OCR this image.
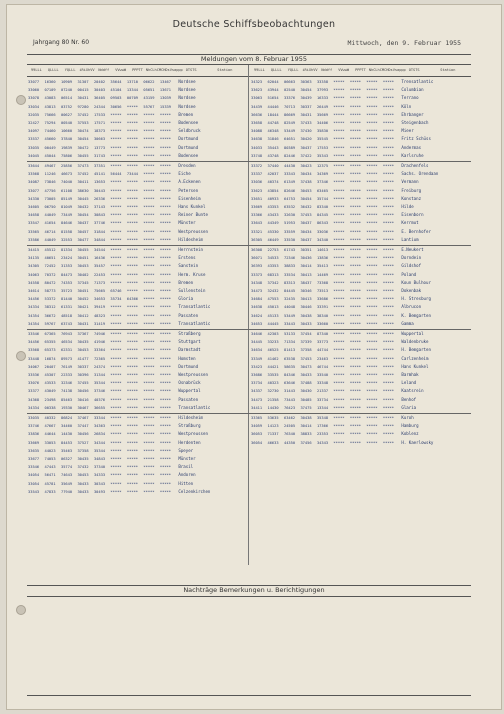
Deutsche Schiffsbeobachtungen
Jahrgang 80 Nr. 60	Mittwoch, den 9. Februar 1955
Meldungen vom 8. Februar 1955
99LLL	QLLLL	YQLLL	iRiXhVV	Nddff	VVwwW	PPPTT NhCLhCMCH DsVsappp OTSTS	Station	99LLL	QLLLL	YQLLL	iRiXhVV	Nddff	VVwwW	PPPTT NhCLhCMCH DsVsappp OTSTS	Station
33077	16360	10909	31307	20402	35644	13710	06622	13467	Nordsee
33060	07109	07240	00415	30403	45104	13344	05651	13671	Nordsee
33078	43083	06514	30431	36405	09503	00709	43159	13039	Nordsee
33034	43813	03752	97280	24344	30656	*****	55767	15339	Nordsee
32035	75666	00627	37452	17533	*****	*****	*****	*****	Bremen
32427	75294	00540	37553	17571	*****	*****	*****	*****	Bodensee
34097	74460	10660	30474	18373	*****	*****	*****	*****	Seldbruck
33537	45660	37840	30454	30663	*****	*****	*****	*****	Dortmund
33035	00449	19839	30472	13773	*****	*****	*****	*****	Dortmund
34045	45044	75806	30455	31743	*****	*****	*****	*****	Bodensee
33644	49467	25856	37473	37351	*****	*****	*****	*****	Dresden
33568	11246	46673	37452	45141	56444	73444	*****	*****	Eiche
34087	73846	74040	30411	13653	*****	*****	*****	*****	A.Eckenen
33077	47756	61108	38630	30443	*****	*****	*****	*****	Petersen
34330	73005	85149	30445	26336	*****	*****	*****	*****	Eisenheim
34605	06750	81049	30432	37143	*****	*****	*****	*****	Hans Kunkel
34658	44049	73449	30454	30843	*****	*****	*****	*****	Reiner Bunte
33547	41654	84646	30437	37746	*****	*****	*****	*****	Münster
33565	46714	81558	30457	31844	*****	*****	*****	*****	Westpreussen
33586	44049	32553	30477	34844	*****	*****	*****	*****	Hildesheim
34415	45512	81334	30455	34544	*****	*****	*****	*****	Herrnstein
34135	40651	23424	30451	16436	*****	*****	*****	*****	Erstens
34305	72452	31353	30453	35457	*****	*****	*****	*****	Sanstein
34063	70372	84473	30402	22453	*****	*****	*****	*****	Herm. Kruse
34558	80472	74353	37345	71373	*****	*****	*****	*****	Bremen
34614	58773	35723	30451	75665	65746	*****	*****	*****	Sullenstein
34456	53372	81440	30452	34653	35734	64366	*****	*****	Gloria
34334	38312	61331	30421	39419	*****	*****	*****	*****	Transatlantic
34354	36672	48518	30412	48323	*****	*****	*****	*****	Passaten
34354	59767	63743	30431	31419	*****	*****	*****	*****	Transatlantic
33546	67365	76943	37367	74946	*****	*****	*****	*****	Straßberg
34456	65355	46534	30435	41946	*****	*****	*****	*****	Stuttgart
33568	65373	62331	30453	33364	*****	*****	*****	*****	Darmstadt
33448	16874	89573	41477	72365	*****	*****	*****	*****	Homsten
34067	20407	76149	30337	24374	*****	*****	*****	*****	Dortmund
33536	45307	22333	30396	31344	*****	*****	*****	*****	Westpreussen
33076	43533	32346	37455	35344	*****	*****	*****	*****	Osnabrück
33377	43049	74138	30456	37346	*****	*****	*****	*****	Wuppertal
34368	23498	85463	30416	40376	*****	*****	*****	*****	Passaten
34334	00338	19330	30467	36655	*****	*****	*****	*****	Transatlantic
33035	40332	86824	37467	33344	*****	*****	*****	*****	Hildesheim
33746	47667	34460	37447	34363	*****	*****	*****	*****	Straßburg
33836	44644	14430	30456	26834	*****	*****	*****	*****	Westpreussen
33669	33053	84453	37527	34344	*****	*****	*****	*****	Herdenten
33635	44023	35463	37358	35344	*****	*****	*****	*****	Speyer
33677	74053	06327	30435	34843	*****	*****	*****	*****	Münster
33546	47443	35774	37432	37340	*****	*****	*****	*****	Brasil
34054	56471	74643	30453	34333	*****	*****	*****	*****	Andoren
33054	45781	35649	30433	30343	*****	*****	*****	*****	Hitten
33543	47833	77940	30433	30493	*****	*****	*****	*****	Celzenkirchen
34323	62044	06663	30363	33358	*****	*****	*****	*****	Trensatlantic
33623	43944	02540	30454	37993	*****	*****	*****	*****	Columbian
33063	51654	33376	30439	16333	*****	*****	*****	*****	Terrano
34439	44446	70713	30337	26449	*****	*****	*****	*****	Köln
36636	18444	86669	30431	35669	*****	*****	*****	*****	Ehrbanger
33658	44748	82549	37433	34406	*****	*****	*****	*****	Steigenbach
34088	46348	53449	37430	35830	*****	*****	*****	*****	Mieer
34638	31846	64651	30420	35545	*****	*****	*****	*****	Fritz Schüss
34033	35443	80389	30437	17553	*****	*****	*****	*****	Andermas
33748	43748	82446	37422	35343	*****	*****	*****	*****	Karlsruhe
33372	37440	44430	30423	12375	*****	*****	*****	*****	Drachenfels
33337	42037	33343	30434	34369	*****	*****	*****	*****	Sachs. Orendaan
33036	40374	61349	37438	37346	*****	*****	*****	*****	Vermann
33623	43854	82646	30453	63465	*****	*****	*****	*****	Freiburg
33651	40933	64753	30454	35744	*****	*****	*****	*****	Konstanz
33669	43353	63532	36432	83340	*****	*****	*****	*****	Hilde
33366	43433	32630	37453	84345	*****	*****	*****	*****	Eisenborn
33643	44349	51953	30437	86343	*****	*****	*****	*****	Kerrmut
33321	45330	33559	30434	33036	*****	*****	*****	*****	E. Bernhofer
36305	46449	33530	30437	34340	*****	*****	*****	*****	Lantium
36308	22753	61743	30351	14613	*****	*****	*****	*****	E.Neukert
36071	34533	72346	30436	13836	*****	*****	*****	*****	Dorndein
36393	43353	38833	30414	35413	*****	*****	*****	*****	Gildshof
33373	68313	33534	30413	14469	*****	*****	*****	*****	Poland
34348	37342	83313	38437	73368	*****	*****	*****	*****	Koun Bulhour
34473	32432	84445	30346	73513	*****	*****	*****	*****	Dokenbak
34684	47553	32435	30413	33686	*****	*****	*****	*****	H. Stresburg
34638	45013	44048	30446	33391	*****	*****	*****	*****	Albrucon
34624	45133	53449	30438	38340	*****	*****	*****	*****	K. Bemgarten
34653	44445	33443	30433	33660	*****	*****	*****	*****	Gamma
34646	42303	53133	37454	87340	*****	*****	*****	*****	Wuppertal
34445	33233	71334	37339	33773	*****	*****	*****	*****	Waldenbruke
34634	46525	81413	37358	44744	*****	*****	*****	*****	H. Bemgarten
33349	41462	63538	37453	23463	*****	*****	*****	*****	Carlzenheim
33423	44421	58635	30473	46744	*****	*****	*****	*****	Hans Kunkel
33686	33535	84346	30433	33540	*****	*****	*****	*****	Barmhak
33734	40323	63646	37488	33348	*****	*****	*****	*****	Leland
34337	32730	31443	30430	21337	*****	*****	*****	*****	Kaatsrein
34473	21358	73443	30485	33734	*****	*****	*****	*****	Benhof
34411	14430	76423	37475	13344	*****	*****	*****	*****	Glaria
33365	53635	63462	30438	35348	*****	*****	*****	*****	Kuroh
34059	14123	24505	30414	17366	*****	*****	*****	*****	Hamburg
36053	71337	76340	38833	23353	*****	*****	*****	*****	Koblenz
36054	46633	44350	37456	34343	*****	*****	*****	*****	H. Kaerlowsky
Nachträge Bemerkungen u. Berichtigungen
